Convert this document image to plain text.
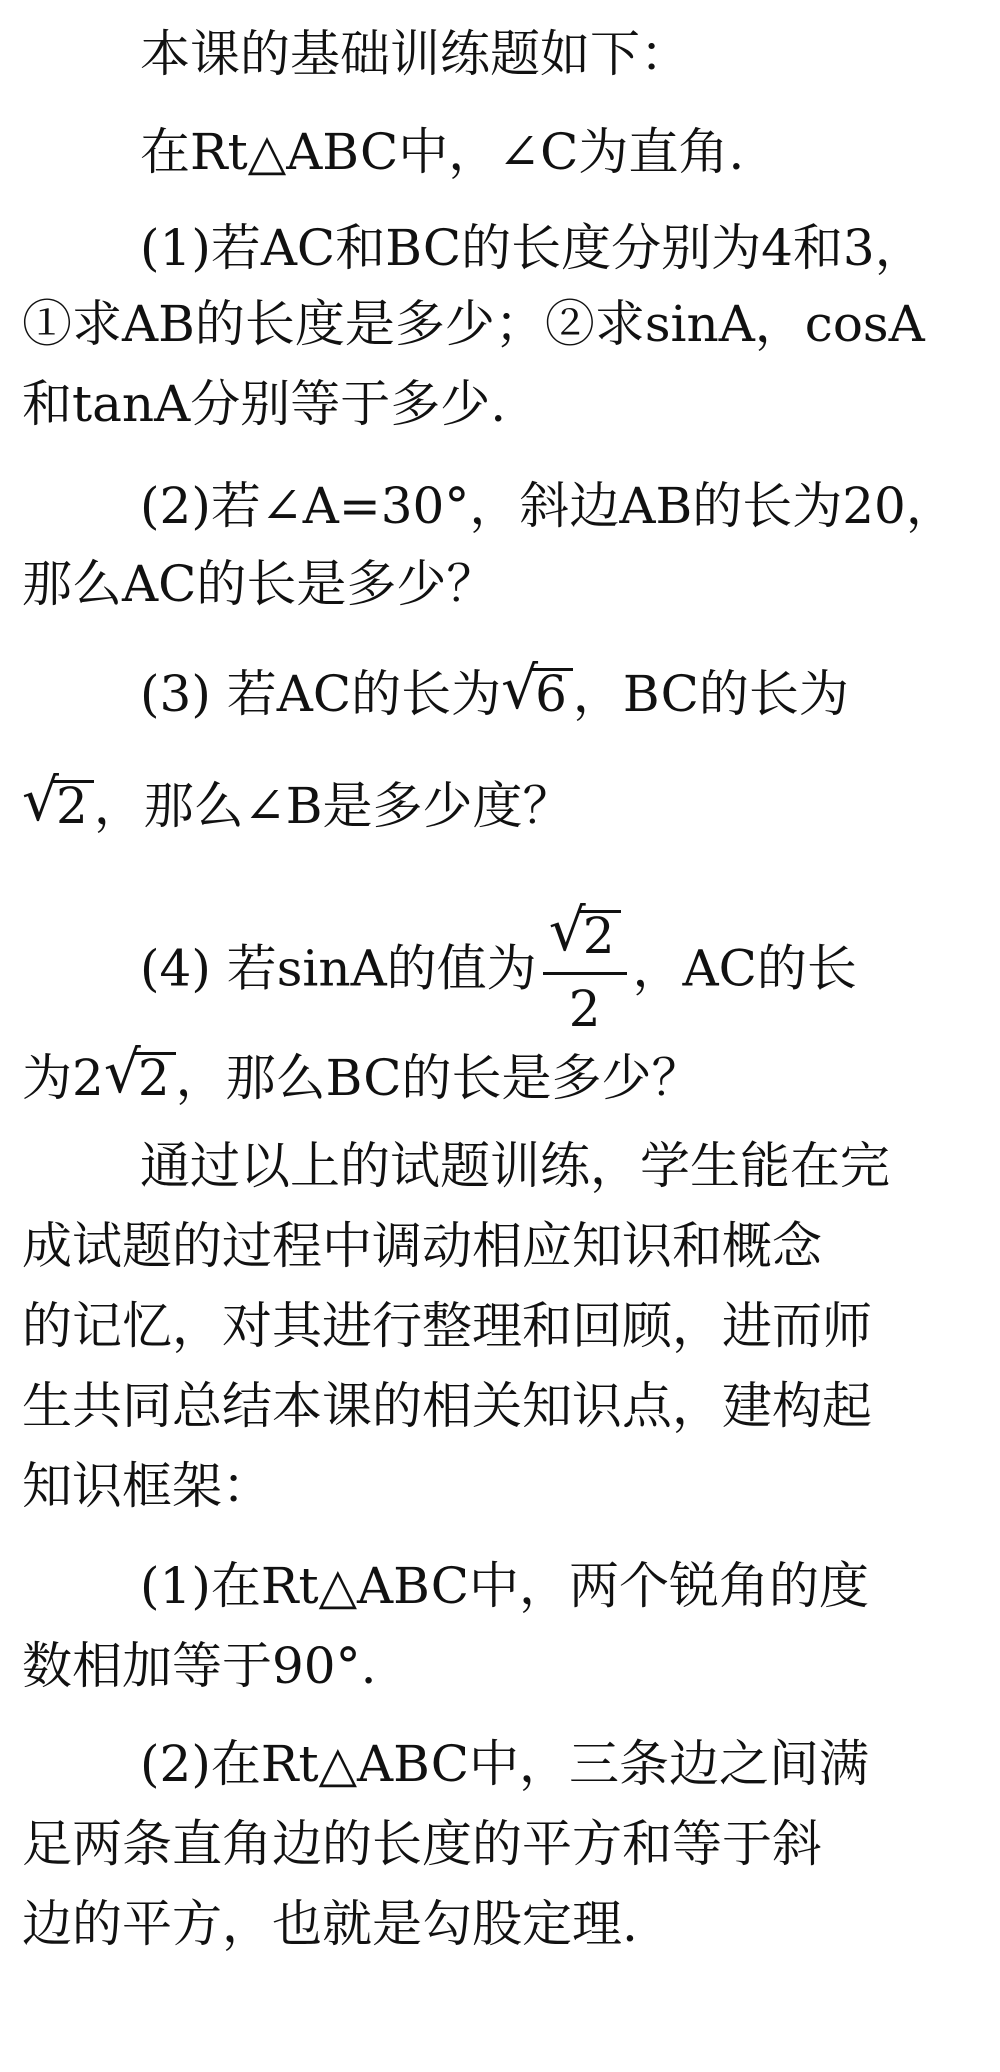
本课的基础训练题如下：
在Rt△ABC中，∠C为直角.
(1)若AC和BC的长度分别为4和3，
①求AB的长度是多少；②求sinA，cosA
和tanA分别等于多少.
(2)若∠A=30°，斜边AB的长为20，
那么AC的长是多少？
(3) 若AC的长为 √
6 ，BC的长为
√
2 ，那么∠B是多少度？
(4) 若sinA的值为 √
2
2 ，AC的长
为2 √
2 ，那么BC的长是多少？
通过以上的试题训练，学生能在完
成试题的过程中调动相应知识和概念
的记忆，对其进行整理和回顾，进而师
生共同总结本课的相关知识点，建构起
知识框架：
(1)在Rt△ABC中，两个锐角的度
数相加等于90°.
(2)在Rt△ABC中，三条边之间满
足两条直角边的长度的平方和等于斜
边的平方，也就是勾股定理.
